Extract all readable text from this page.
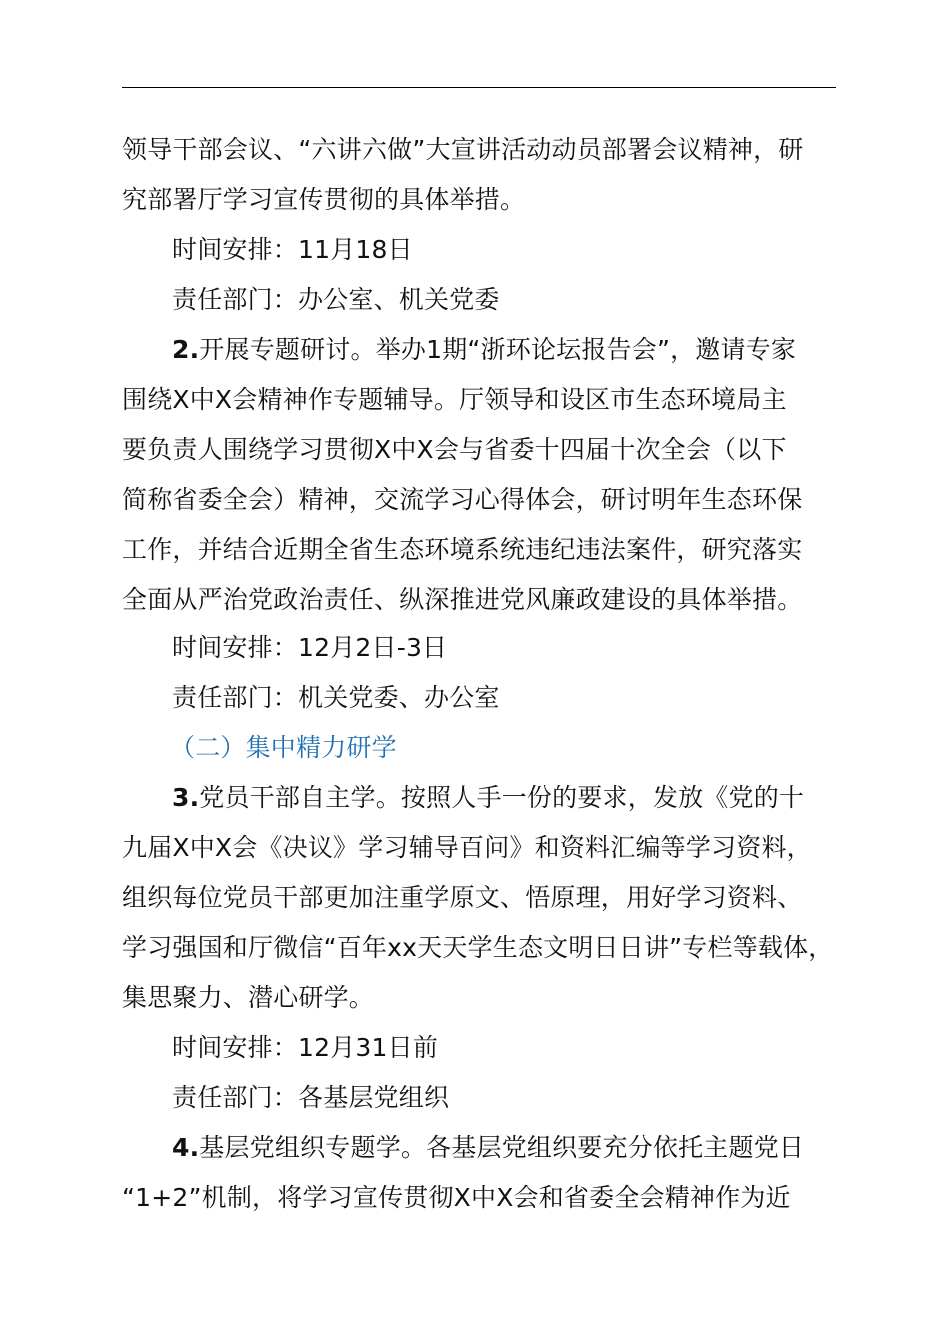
领导干部会议、“六讲六做”大宣讲活动动员部署会议精神，研
究部署厅学习宣传贯彻的具体举措。
时间安排：11月18日
责任部门：办公室、机关党委
2.开展专题研讨。举办1期“浙环论坛报告会”，邀请专家
围绕X中X会精神作专题辅导。厅领导和设区市生态环境局主
要负责人围绕学习贯彻X中X会与省委十四届十次全会（以下
简称省委全会）精神，交流学习心得体会，研讨明年生态环保
工作，并结合近期全省生态环境系统违纪违法案件，研究落实
全面从严治党政治责任、纵深推进党风廉政建设的具体举措。
时间安排：12月2日-3日
责任部门：机关党委、办公室
（二）集中精力研学
3.党员干部自主学。按照人手一份的要求，发放《党的十
九届X中X会《决议》学习辅导百问》和资料汇编等学习资料，
组织每位党员干部更加注重学原文、悟原理，用好学习资料、
学习强国和厅微信“百年xx天天学生态文明日日讲”专栏等载体，
集思聚力、潜心研学。
时间安排：12月31日前
责任部门：各基层党组织
4.基层党组织专题学。各基层党组织要充分依托主题党日
“1+2”机制，将学习宣传贯彻X中X会和省委全会精神作为近
